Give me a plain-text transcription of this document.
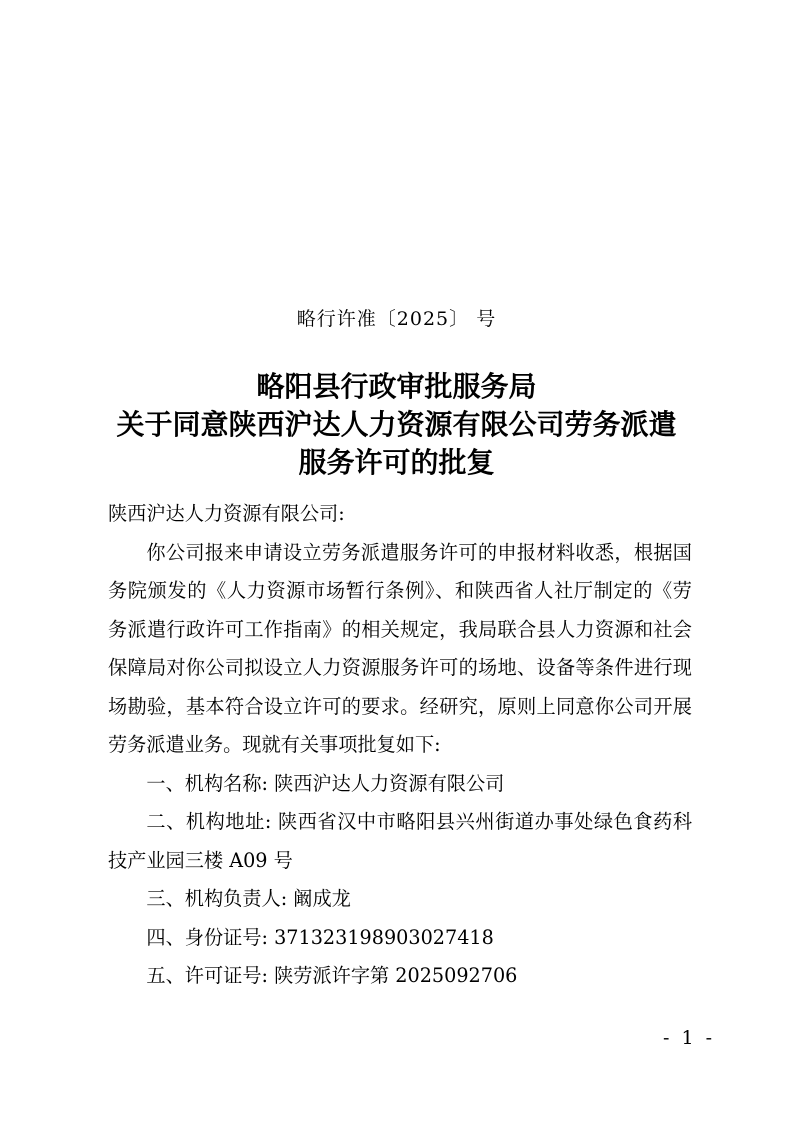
略行许准〔2025〕 号
略阳县行政审批服务局
关于同意陕西沪达人力资源有限公司劳务派遣
服务许可的批复

陕西沪达人力资源有限公司:

你公司报来申请设立劳务派遣服务许可的申报材料收悉，根据国务院颁发的《人力资源市场暂行条例》、和陕西省人社厅制定的《劳务派遣行政许可工作指南》的相关规定，我局联合县人力资源和社会保障局对你公司拟设立人力资源服务许可的场地、设备等条件进行现场勘验，基本符合设立许可的要求。经研究，原则上同意你公司开展劳务派遣业务。现就有关事项批复如下:

一、机构名称: 陕西沪达人力资源有限公司

二、机构地址: 陕西省汉中市略阳县兴州街道办事处绿色食药科技产业园三楼 A09 号

三、机构负责人: 阚成龙

四、身份证号: 371323198903027418

五、许可证号: 陕劳派许字第 2025092706

- 1 -
